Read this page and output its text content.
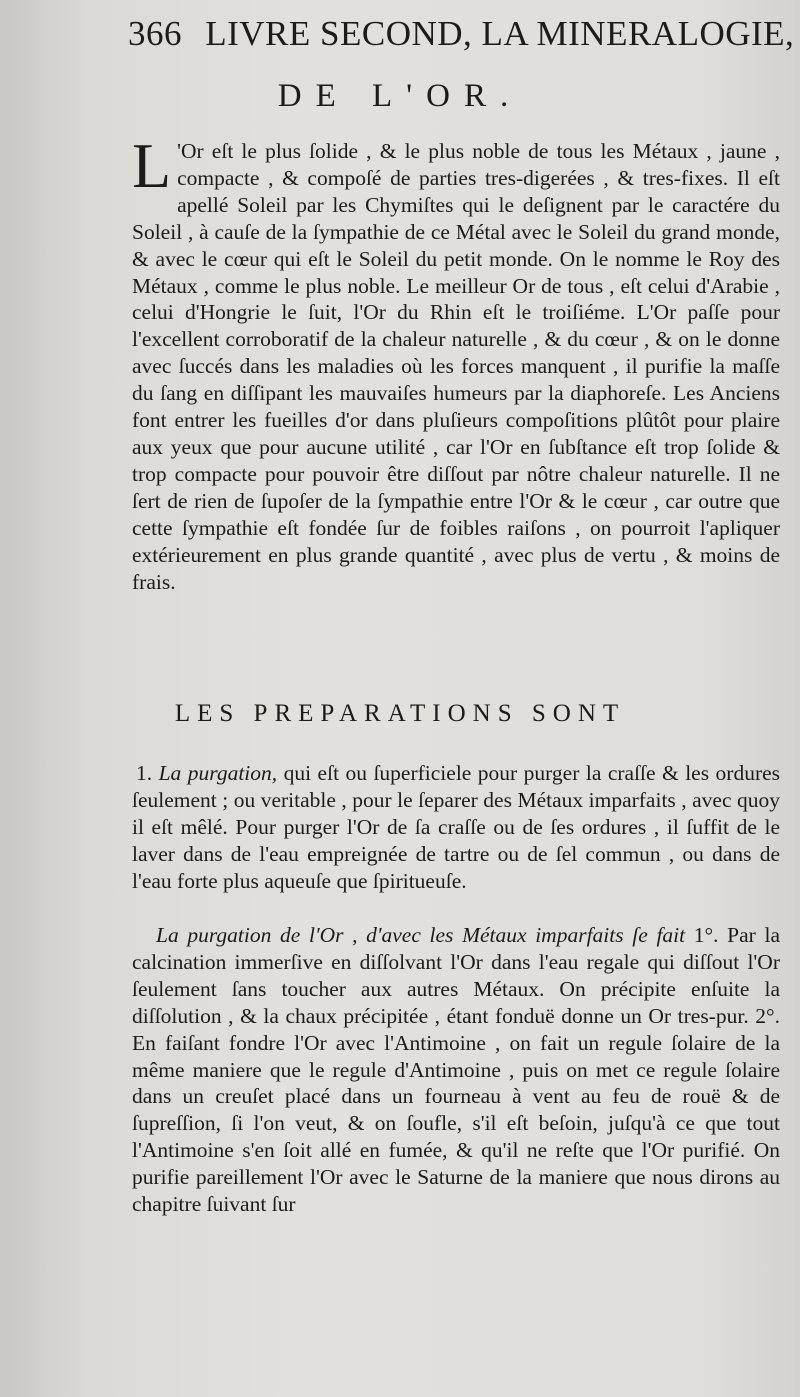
366 LIVRE SECOND, LA MINERALOGIE,
DE L'OR.
L 'Or eſt le plus ſolide , & le plus noble de tous les Métaux , jaune , compacte , & compoſé de parties tres-digerées , & tres-fixes. Il eſt apellé Soleil par les Chymiſtes qui le deſignent par le caractére du Soleil , à cauſe de la ſympathie de ce Métal avec le Soleil du grand monde, & avec le cœur qui eſt le Soleil du petit monde. On le nomme le Roy des Métaux , comme le plus noble. Le meilleur Or de tous , eſt celui d'Arabie , celui d'Hongrie le ſuit, l'Or du Rhin eſt le troiſiéme. L'Or paſſe pour l'excellent corroboratif de la chaleur naturelle , & du cœur , & on le donne avec ſuccés dans les maladies où les forces manquent , il purifie la maſſe du ſang en diſſipant les mauvaiſes humeurs par la diaphoreſe. Les Anciens font entrer les fueilles d'or dans pluſieurs compoſitions plûtôt pour plaire aux yeux que pour aucune utilité , car l'Or en ſubſtance eſt trop ſolide & trop compacte pour pouvoir être diſſout par nôtre chaleur naturelle. Il ne ſert de rien de ſupoſer de la ſympathie entre l'Or & le cœur , car outre que cette ſympathie eſt fondée ſur de foibles raiſons , on pourroit l'apliquer extérieurement en plus grande quantité , avec plus de vertu , & moins de frais.
LES PREPARATIONS SONT
1. La purgation, qui eſt ou ſuperficiele pour purger la craſſe & les ordures ſeulement ; ou veritable , pour le ſeparer des Métaux imparfaits , avec quoy il eſt mêlé. Pour purger l'Or de ſa craſſe ou de ſes ordures , il ſuffit de le laver dans de l'eau empreignée de tartre ou de ſel commun , ou dans de l'eau forte plus aqueuſe que ſpiritueuſe.
La purgation de l'Or , d'avec les Métaux imparfaits ſe fait 1°. Par la calcination immerſive en diſſolvant l'Or dans l'eau regale qui diſſout l'Or ſeulement ſans toucher aux autres Métaux. On précipite enſuite la diſſolution , & la chaux précipitée , étant fonduë donne un Or tres-pur. 2°. En faiſant fondre l'Or avec l'Antimoine , on fait un regule ſolaire de la même maniere que le regule d'Antimoine , puis on met ce regule ſolaire dans un creuſet placé dans un fourneau à vent au feu de rouë & de ſupreſſion, ſi l'on veut, & on ſoufle, s'il eſt beſoin, juſqu'à ce que tout l'Antimoine s'en ſoit allé en fumée, & qu'il ne reſte que l'Or purifié. On purifie pareillement l'Or avec le Saturne de la maniere que nous dirons au chapitre ſuivant ſur
